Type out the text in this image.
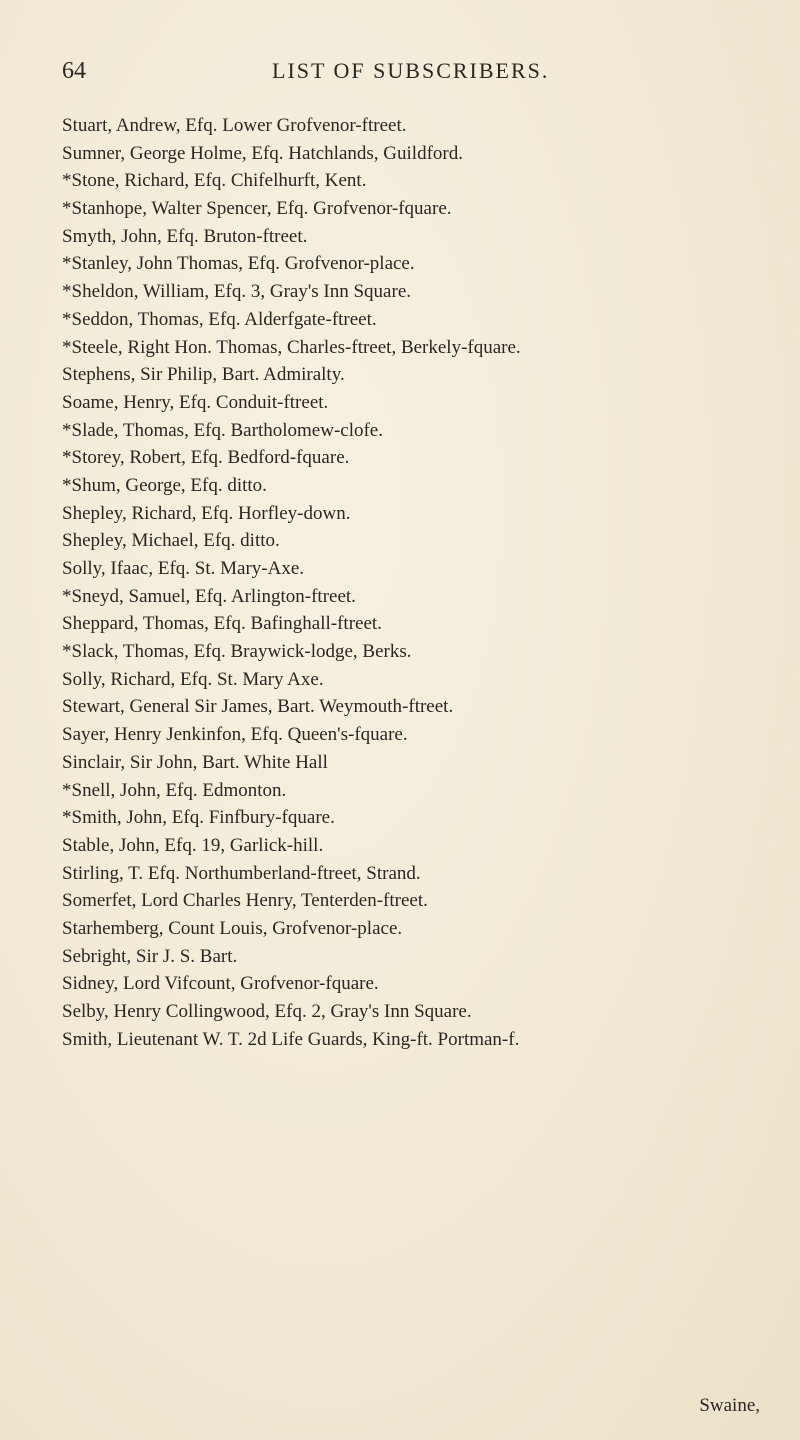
64	LIST OF SUBSCRIBERS.
Stuart, Andrew, Efq. Lower Grofvenor-ftreet.
Sumner, George Holme, Efq. Hatchlands, Guildford.
*Stone, Richard, Efq. Chifelhurft, Kent.
*Stanhope, Walter Spencer, Efq. Grofvenor-fquare.
Smyth, John, Efq. Bruton-ftreet.
*Stanley, John Thomas, Efq. Grofvenor-place.
*Sheldon, William, Efq. 3, Gray's Inn Square.
*Seddon, Thomas, Efq. Alderfgate-ftreet.
*Steele, Right Hon. Thomas, Charles-ftreet, Berkely-fquare.
Stephens, Sir Philip, Bart. Admiralty.
Soame, Henry, Efq. Conduit-ftreet.
*Slade, Thomas, Efq. Bartholomew-clofe.
*Storey, Robert, Efq. Bedford-fquare.
*Shum, George, Efq. ditto.
Shepley, Richard, Efq. Horfley-down.
Shepley, Michael, Efq. ditto.
Solly, Ifaac, Efq. St. Mary-Axe.
*Sneyd, Samuel, Efq. Arlington-ftreet.
Sheppard, Thomas, Efq. Bafinghall-ftreet.
*Slack, Thomas, Efq. Braywick-lodge, Berks.
Solly, Richard, Efq. St. Mary Axe.
Stewart, General Sir James, Bart. Weymouth-ftreet.
Sayer, Henry Jenkinfon, Efq. Queen's-fquare.
Sinclair, Sir John, Bart. White Hall
*Snell, John, Efq. Edmonton.
*Smith, John, Efq. Finfbury-fquare.
Stable, John, Efq. 19, Garlick-hill.
Stirling, T. Efq. Northumberland-ftreet, Strand.
Somerfet, Lord Charles Henry, Tenterden-ftreet.
Starhemberg, Count Louis, Grofvenor-place.
Sebright, Sir J. S. Bart.
Sidney, Lord Vifcount, Grofvenor-fquare.
Selby, Henry Collingwood, Efq. 2, Gray's Inn Square.
Smith, Lieutenant W. T. 2d Life Guards, King-ft. Portman-f.
Swaine,
